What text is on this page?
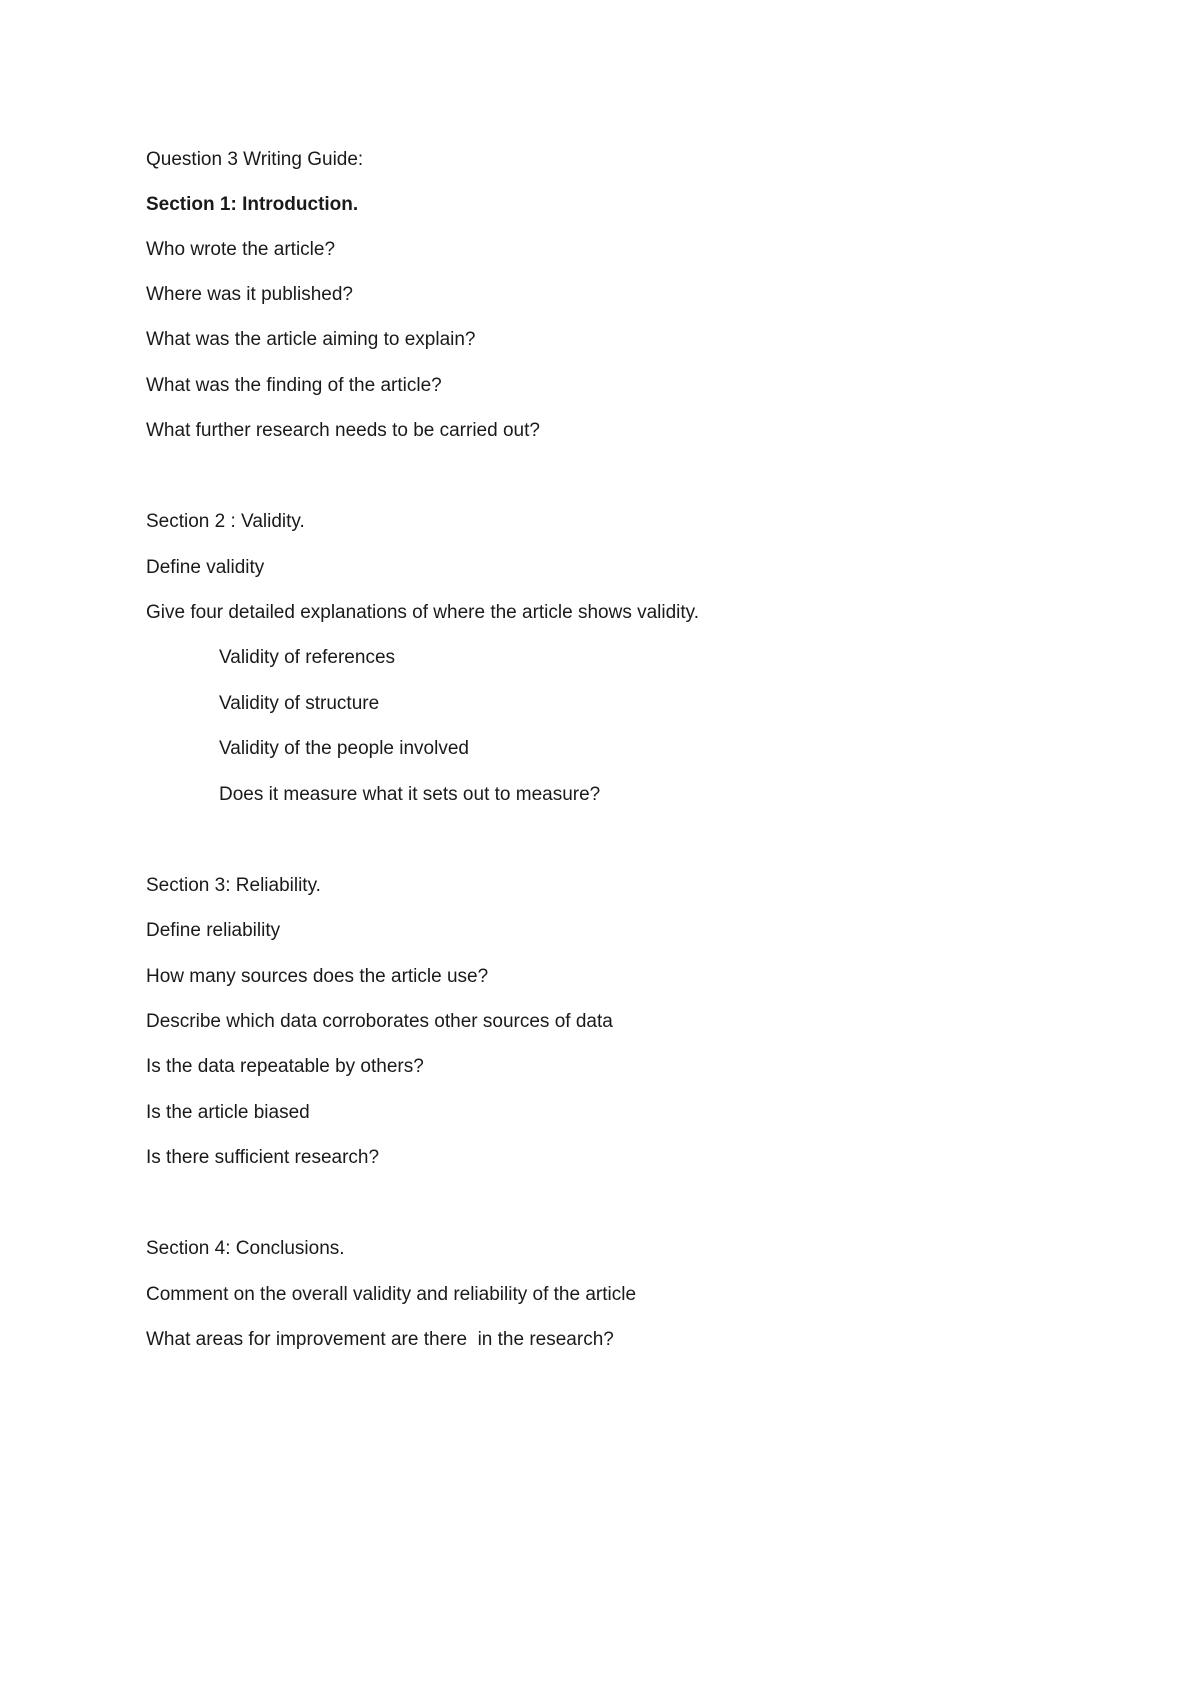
Question 3 Writing Guide:
Section 1: Introduction.
Who wrote the article?
Where was it published?
What was the article aiming to explain?
What was the finding of the article?
What further research needs to be carried out?
Section 2 : Validity.
Define validity
Give four detailed explanations of where the article shows validity.
Validity of references
Validity of structure
Validity of the people involved
Does it measure what it sets out to measure?
Section 3: Reliability.
Define reliability
How many sources does the article use?
Describe which data corroborates other sources of data
Is the data repeatable by others?
Is the article biased
Is there sufficient research?
Section 4: Conclusions.
Comment on the overall validity and reliability of the article
What areas for improvement are there  in the research?
